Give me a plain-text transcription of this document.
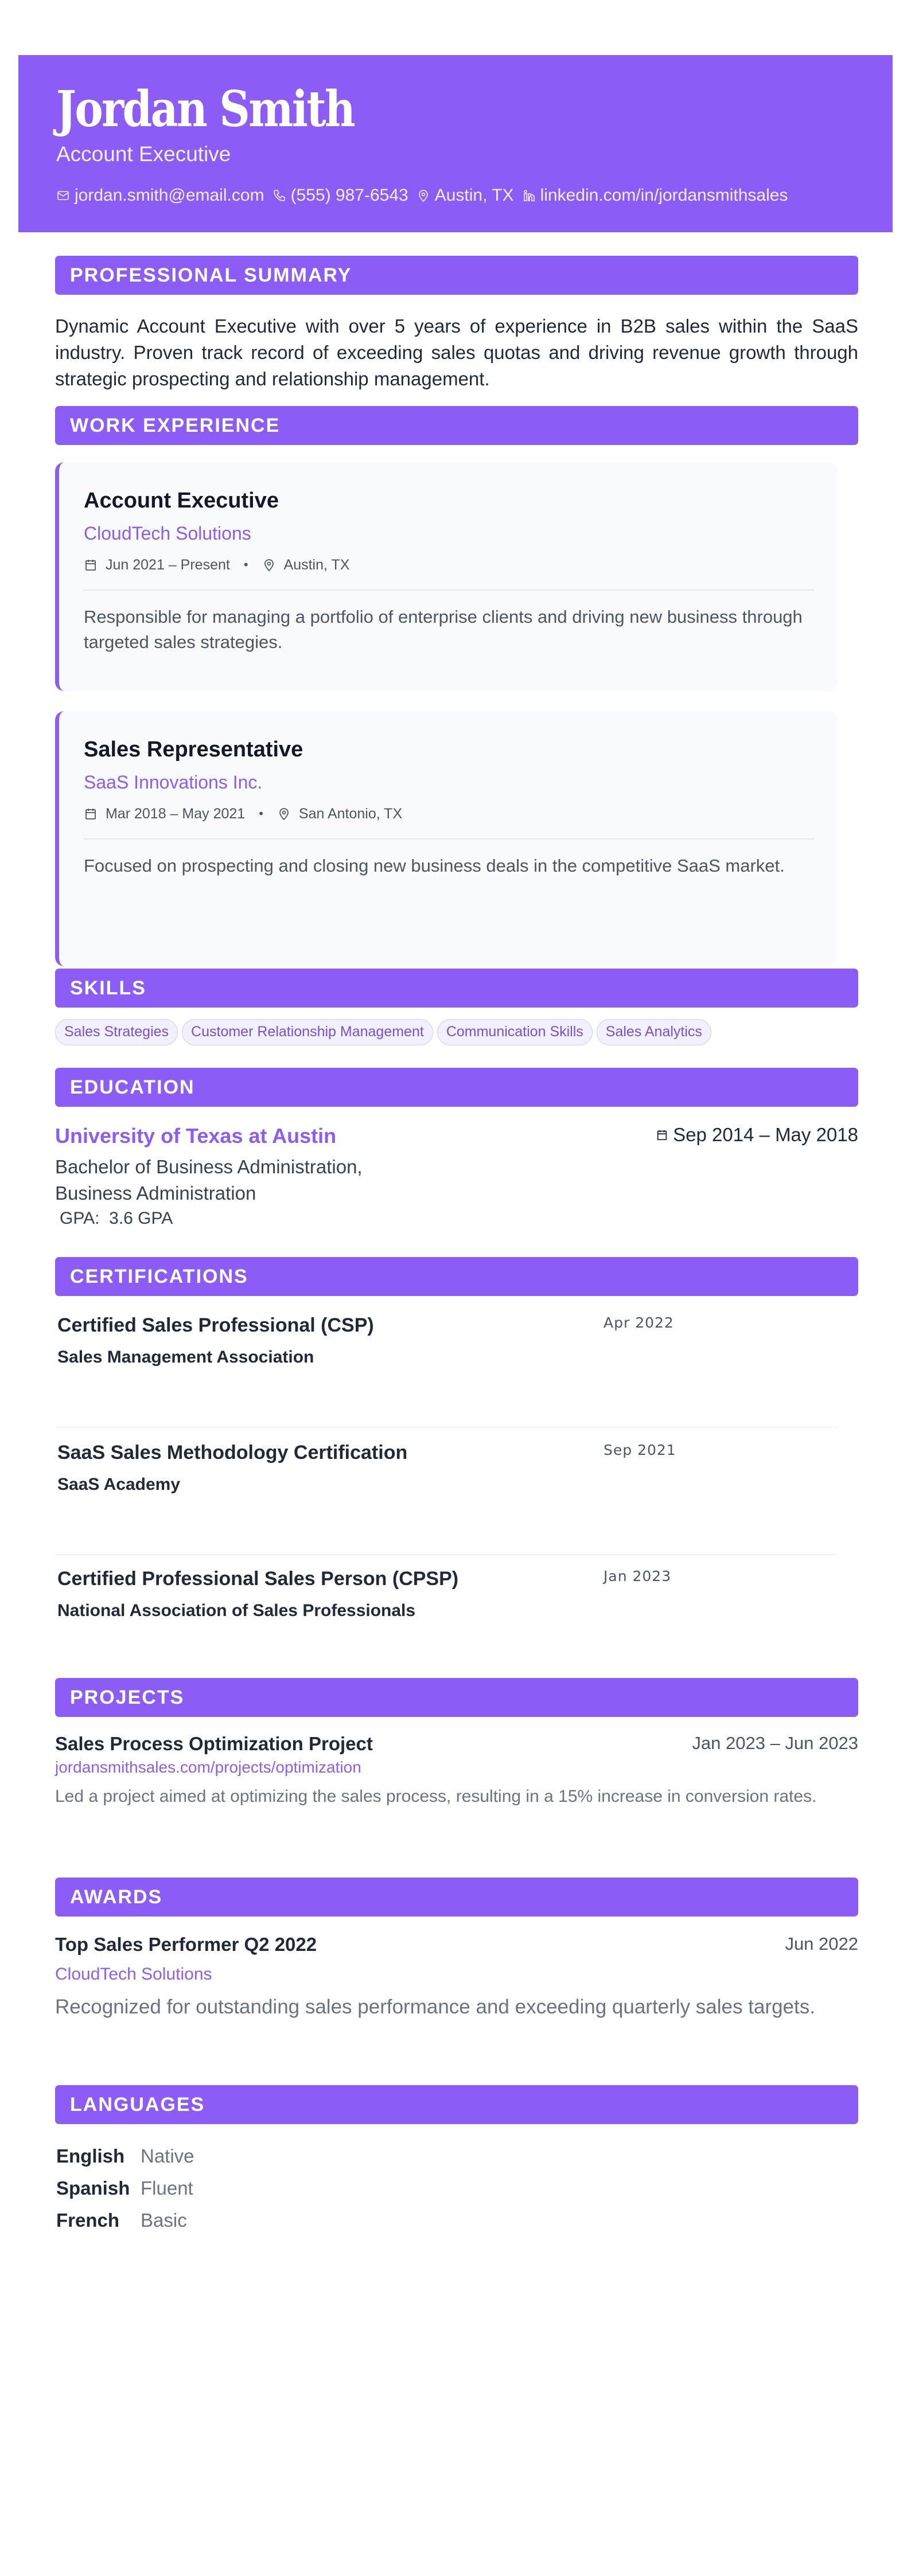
Jordan Smith
Account Executive
jordan.smith@email.com (555) 987-6543 Austin, TX linkedin.com/in/jordansmithsales
PROFESSIONAL SUMMARY

Dynamic Account Executive with over 5 years of experience in B2B sales within the SaaS industry. Proven track record of exceeding sales quotas and driving revenue growth through strategic prospecting and relationship management.

WORK EXPERIENCE
Account Executive
CloudTech Solutions
Jun 2021 – Present • Austin, TX
Responsible for managing a portfolio of enterprise clients and driving new business through targeted sales strategies.
Sales Representative
SaaS Innovations Inc.
Mar 2018 – May 2021 • San Antonio, TX
Focused on prospecting and closing new business deals in the competitive SaaS market.
SKILLS
Sales Strategies	Customer Relationship Management	Communication Skills	Sales Analytics
EDUCATION
University of Texas at Austin
Bachelor of Business Administration, Business Administration
GPA: 3.6 GPA
Sep 2014 – May 2018
CERTIFICATIONS
Certified Sales Professional (CSP)
Sales Management Association
Apr 2022
SaaS Sales Methodology Certification
SaaS Academy
Sep 2021
Certified Professional Sales Person (CPSP)
National Association of Sales Professionals
Jan 2023
PROJECTS
Sales Process Optimization Project	Jan 2023 – Jun 2023
jordansmithsales.com/projects/optimization
Led a project aimed at optimizing the sales process, resulting in a 15% increase in conversion rates.
AWARDS
Top Sales Performer Q2 2022	Jun 2022
CloudTech Solutions
Recognized for outstanding sales performance and exceeding quarterly sales targets.
LANGUAGES
English Native
Spanish Fluent
French	Basic
